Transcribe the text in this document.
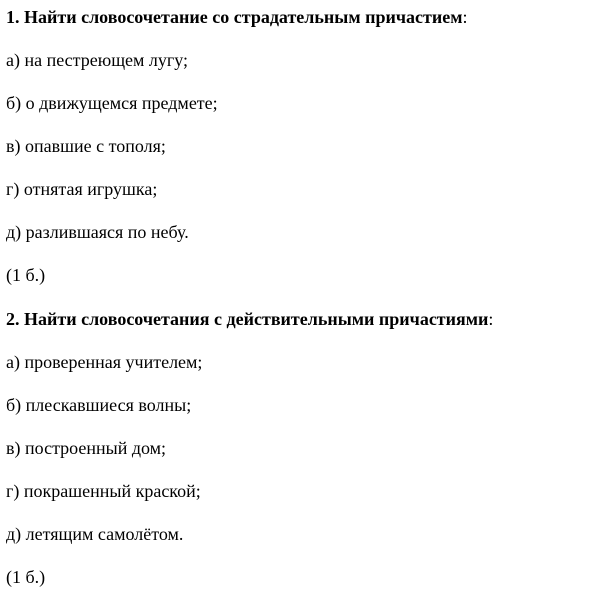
1. Найти словосочетание со страдательным причастием:
а) на пестреющем лугу;
б) о движущемся предмете;
в) опавшие с тополя;
г) отнятая игрушка;
д) разлившаяся по небу.
(1 б.)
2. Найти словосочетания с действительными причастиями:
а) проверенная учителем;
б) плескавшиеся волны;
в) построенный дом;
г) покрашенный краской;
д) летящим самолётом.
(1 б.)
